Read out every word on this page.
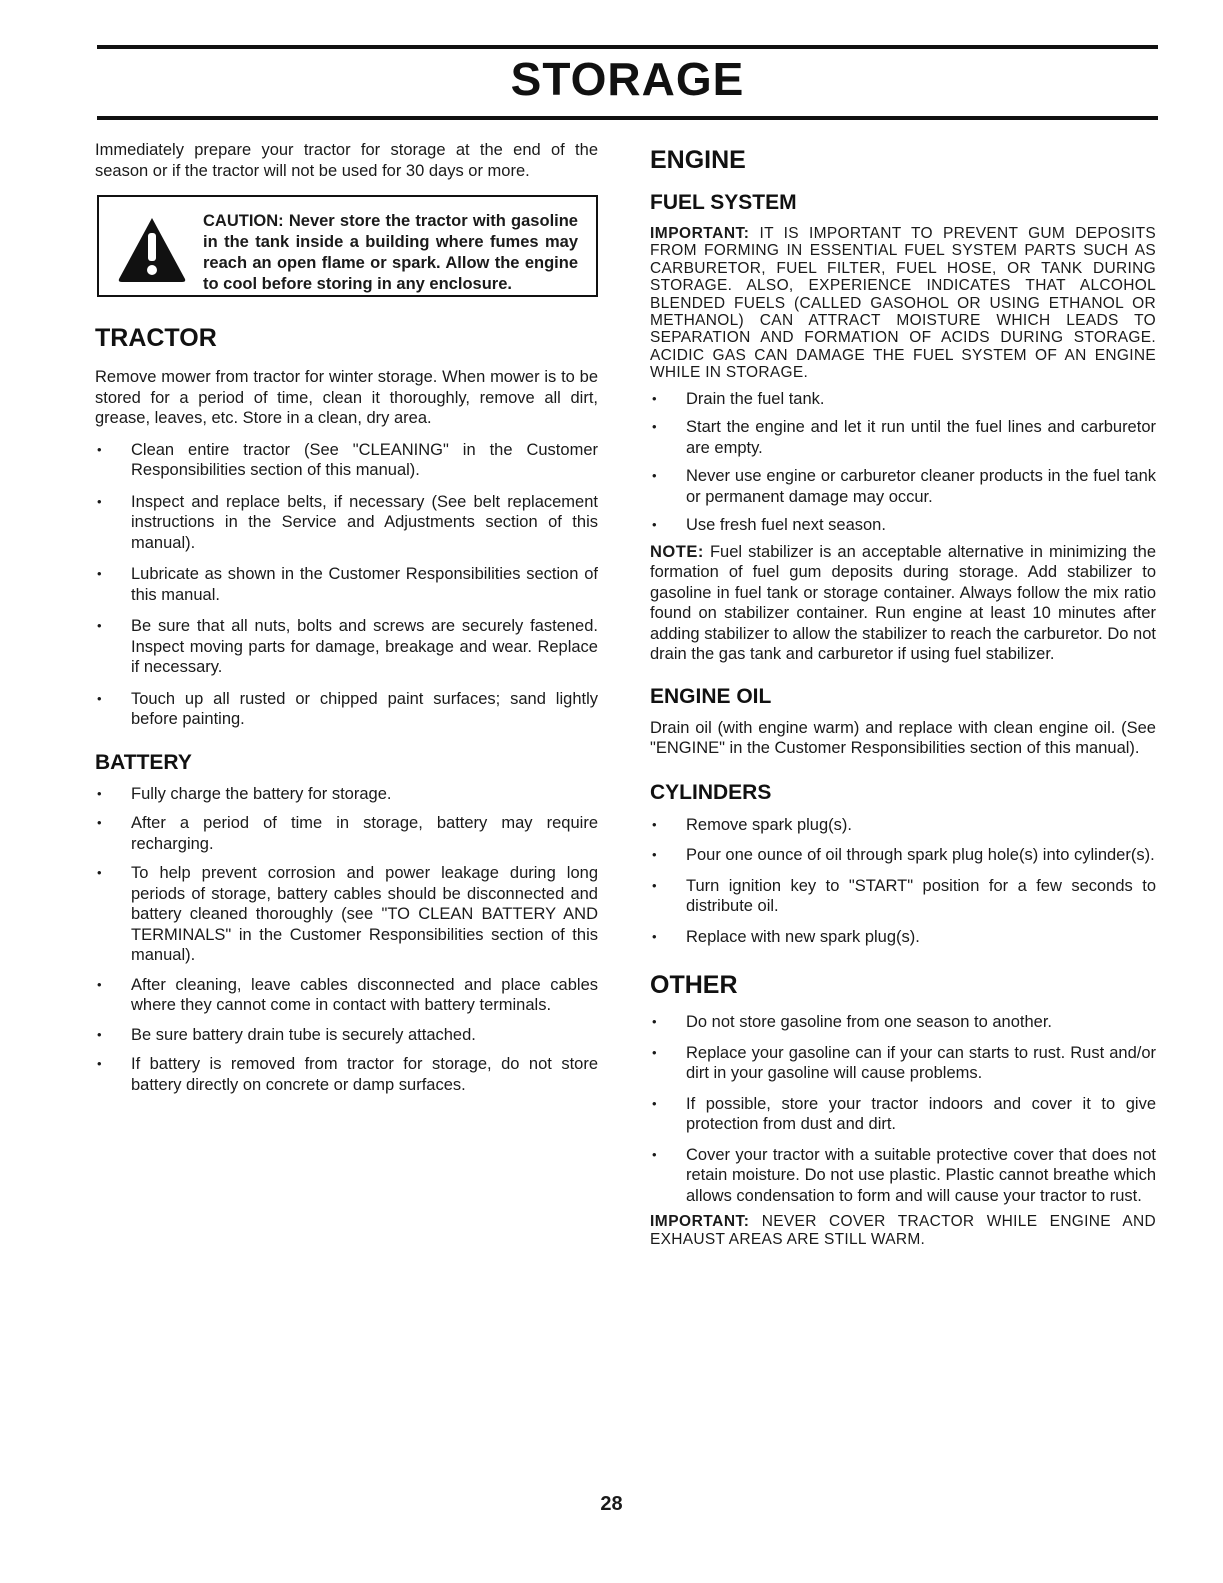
STORAGE

Immediately prepare your tractor for storage at the end of the season or if the tractor will not be used for 30 days or more.

CAUTION: Never store the tractor with gasoline in the tank inside a building where fumes may reach an open flame or spark. Allow the engine to cool before storing in any enclosure.

TRACTOR

Remove mower from tractor for winter storage. When mower is to be stored for a period of time, clean it thoroughly, remove all dirt, grease, leaves, etc. Store in a clean, dry area.

• Clean entire tractor (See "CLEANING" in the Customer Responsibilities section of this manual).
• Inspect and replace belts, if necessary (See belt replacement instructions in the Service and Adjustments section of this manual).
• Lubricate as shown in the Customer Responsibilities section of this manual.
• Be sure that all nuts, bolts and screws are securely fastened. Inspect moving parts for damage, breakage and wear. Replace if necessary.
• Touch up all rusted or chipped paint surfaces; sand lightly before painting.
BATTERY
• Fully charge the battery for storage.
• After a period of time in storage, battery may require recharging.
• To help prevent corrosion and power leakage during long periods of storage, battery cables should be disconnected and battery cleaned thoroughly (see "TO CLEAN BATTERY AND TERMINALS" in the Customer Responsibilities section of this manual).
• After cleaning, leave cables disconnected and place cables where they cannot come in contact with battery terminals.
• Be sure battery drain tube is securely attached.
• If battery is removed from tractor for storage, do not store battery directly on concrete or damp surfaces.
ENGINE
FUEL SYSTEM

IMPORTANT: IT IS IMPORTANT TO PREVENT GUM DEPOSITS FROM FORMING IN ESSENTIAL FUEL SYSTEM PARTS SUCH AS CARBURETOR, FUEL FILTER, FUEL HOSE, OR TANK DURING STORAGE. ALSO, EXPERIENCE INDICATES THAT ALCOHOL BLENDED FUELS (CALLED GASOHOL OR USING ETHANOL OR METHANOL) CAN ATTRACT MOISTURE WHICH LEADS TO SEPARATION AND FORMATION OF ACIDS DURING STORAGE. ACIDIC GAS CAN DAMAGE THE FUEL SYSTEM OF AN ENGINE WHILE IN STORAGE.

• Drain the fuel tank.
• Start the engine and let it run until the fuel lines and carburetor are empty.
• Never use engine or carburetor cleaner products in the fuel tank or permanent damage may occur.
• Use fresh fuel next season.

NOTE: Fuel stabilizer is an acceptable alternative in minimizing the formation of fuel gum deposits during storage. Add stabilizer to gasoline in fuel tank or storage container. Always follow the mix ratio found on stabilizer container. Run engine at least 10 minutes after adding stabilizer to allow the stabilizer to reach the carburetor. Do not drain the gas tank and carburetor if using fuel stabilizer.

ENGINE OIL

Drain oil (with engine warm) and replace with clean engine oil. (See "ENGINE" in the Customer Responsibilities section of this manual).

CYLINDERS
• Remove spark plug(s).
• Pour one ounce of oil through spark plug hole(s) into cylinder(s).
• Turn ignition key to "START" position for a few seconds to distribute oil.
• Replace with new spark plug(s).
OTHER
• Do not store gasoline from one season to another.
• Replace your gasoline can if your can starts to rust. Rust and/or dirt in your gasoline will cause problems.
• If possible, store your tractor indoors and cover it to give protection from dust and dirt.
• Cover your tractor with a suitable protective cover that does not retain moisture. Do not use plastic. Plastic cannot breathe which allows condensation to form and will cause your tractor to rust.

IMPORTANT: NEVER COVER TRACTOR WHILE ENGINE AND EXHAUST AREAS ARE STILL WARM.

28
